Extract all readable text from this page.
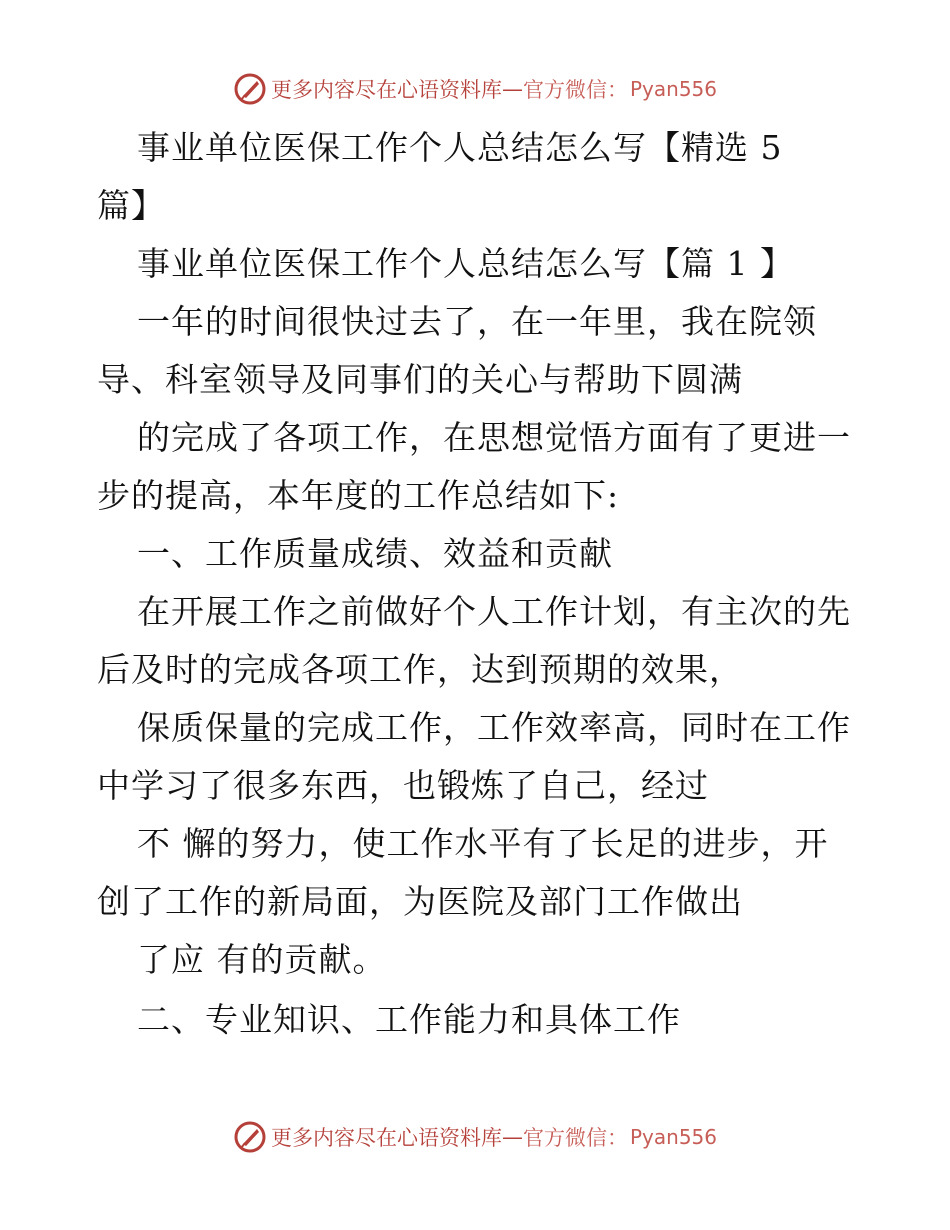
更多内容尽在心语资料库 — 官方微信： Pyan556
事业单位医保工作个人总结怎么写【精选 5
篇】
事业单位医保工作个人总结怎么写【篇 1 】
一年的时间很快过去了，在一年里，我在院领
导、科室领导及同事们的关心与帮助下圆满
的完成了各项工作，在思想觉悟方面有了更进一
步的提高，本年度的工作总结如下:
一、工作质量成绩、效益和贡献
在开展工作之前做好个人工作计划，有主次的先
后及时的完成各项工作，达到预期的效果，
保质保量的完成工作，工作效率高，同时在工作
中学习了很多东西，也锻炼了自己，经过
不 懈的努力，使工作水平有了长足的进步，开
创了工作的新局面，为医院及部门工作做出
了应 有的贡献。
二、专业知识、工作能力和具体工作
更多内容尽在心语资料库 — 官方微信： Pyan556
